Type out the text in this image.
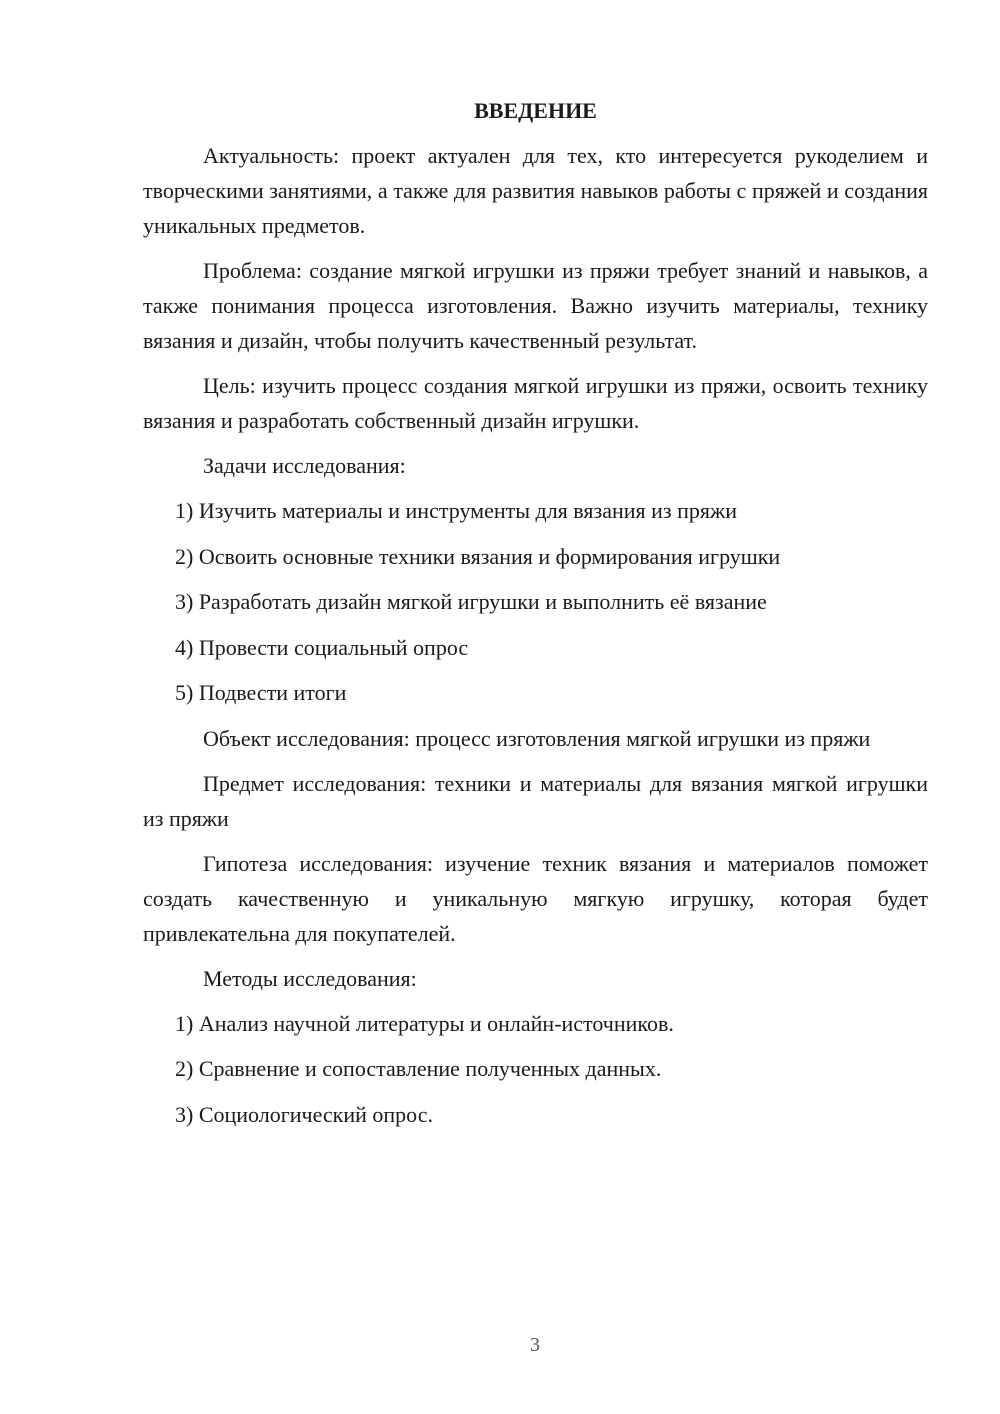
ВВЕДЕНИЕ

Актуальность: проект актуален для тех, кто интересуется рукоделием и творческими занятиями, а также для развития навыков работы с пряжей и создания уникальных предметов.

Проблема: создание мягкой игрушки из пряжи требует знаний и навыков, а также понимания процесса изготовления. Важно изучить материалы, технику вязания и дизайн, чтобы получить качественный результат.

Цель: изучить процесс создания мягкой игрушки из пряжи, освоить технику вязания и разработать собственный дизайн игрушки.

Задачи исследования:
1) Изучить материалы и инструменты для вязания из пряжи
2) Освоить основные техники вязания и формирования игрушки
3) Разработать дизайн мягкой игрушки и выполнить её вязание
4) Провести социальный опрос
5) Подвести итоги

Объект исследования: процесс изготовления мягкой игрушки из пряжи

Предмет исследования: техники и материалы для вязания мягкой игрушки из пряжи

Гипотеза исследования: изучение техник вязания и материалов поможет создать качественную и уникальную мягкую игрушку, которая будет привлекательна для покупателей.

Методы исследования:
1) Анализ научной литературы и онлайн-источников.
2) Сравнение и сопоставление полученных данных.
3) Социологический опрос.
3
